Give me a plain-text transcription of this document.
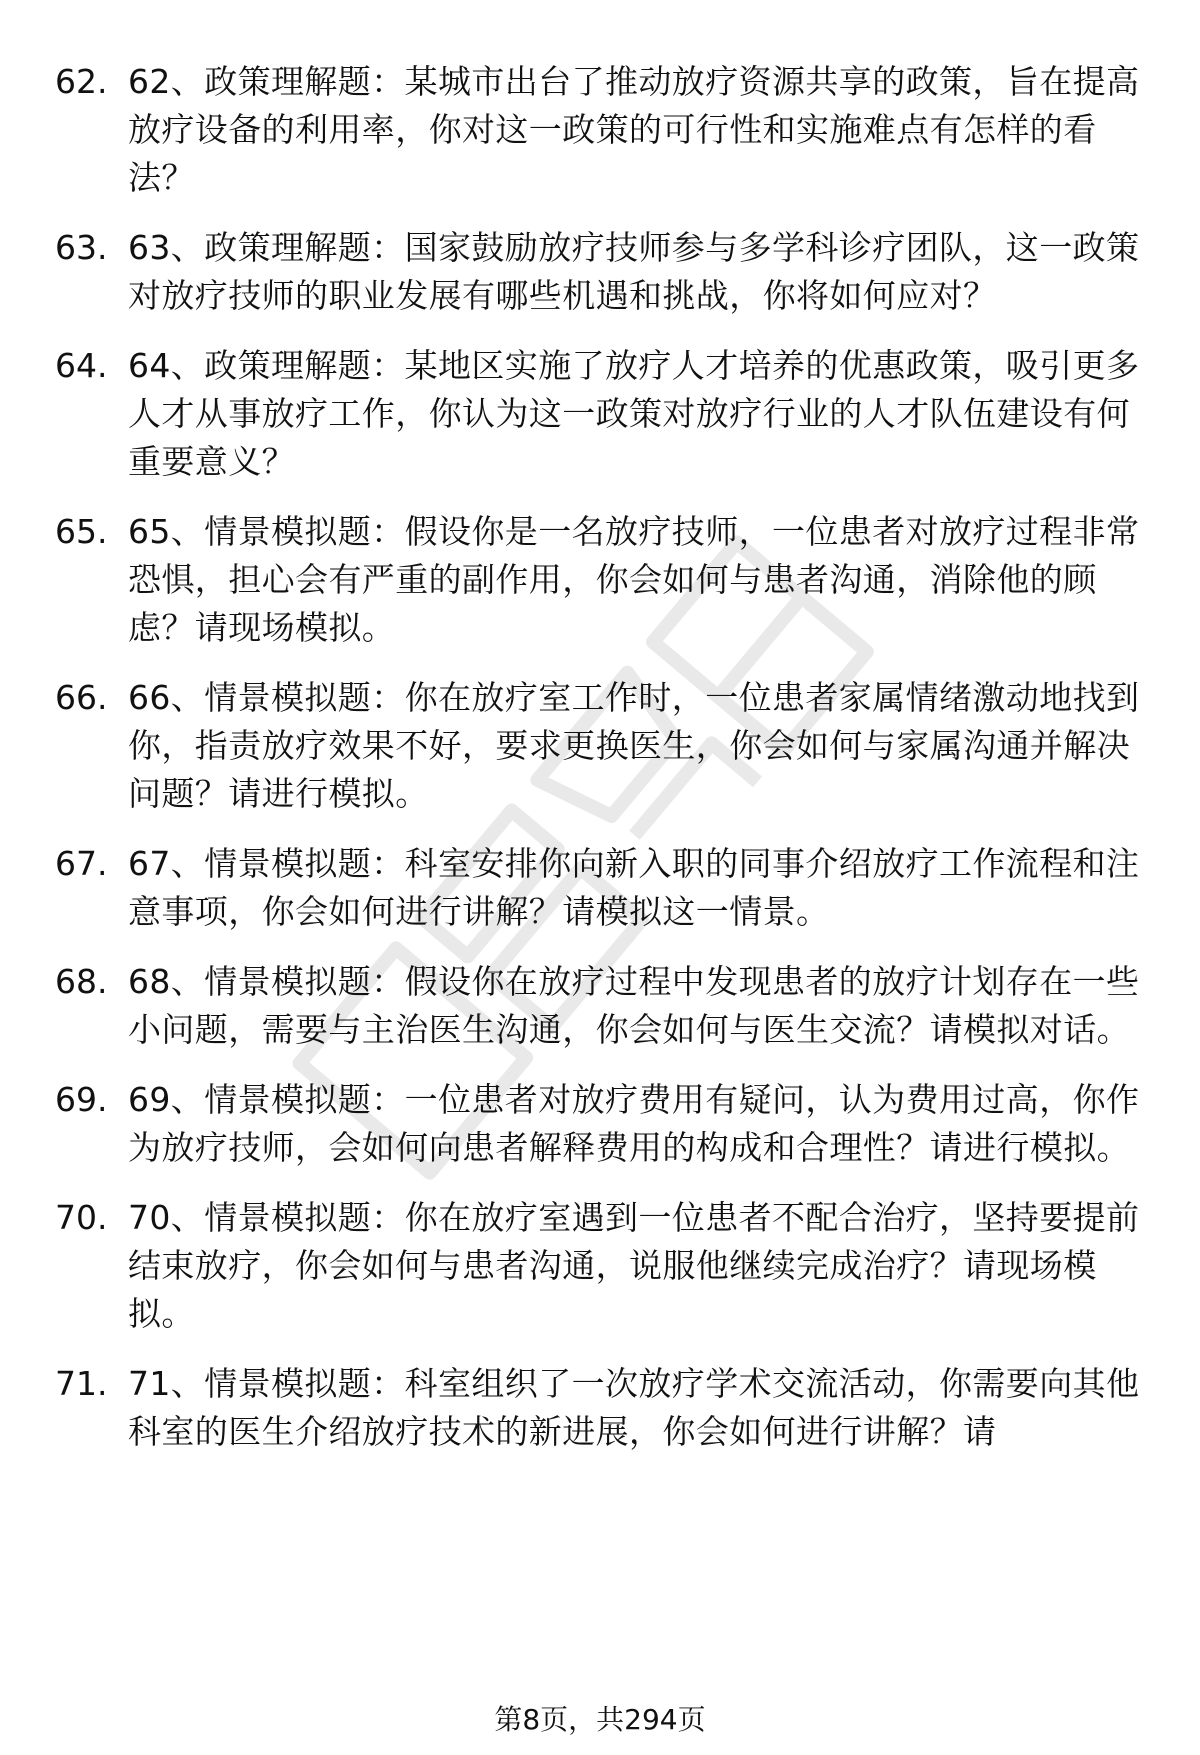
62. 62、政策理解题：某城市出台了推动放疗资源共享的政策，旨在提高放疗设备的利用率，你对这一政策的可行性和实施难点有怎样的看法？
63. 63、政策理解题：国家鼓励放疗技师参与多学科诊疗团队，这一政策对放疗技师的职业发展有哪些机遇和挑战，你将如何应对？
64. 64、政策理解题：某地区实施了放疗人才培养的优惠政策，吸引更多人才从事放疗工作，你认为这一政策对放疗行业的人才队伍建设有何重要意义？
65. 65、情景模拟题：假设你是一名放疗技师，一位患者对放疗过程非常恐惧，担心会有严重的副作用，你会如何与患者沟通，消除他的顾虑？请现场模拟。
66. 66、情景模拟题：你在放疗室工作时，一位患者家属情绪激动地找到你，指责放疗效果不好，要求更换医生，你会如何与家属沟通并解决问题？请进行模拟。
67. 67、情景模拟题：科室安排你向新入职的同事介绍放疗工作流程和注意事项，你会如何进行讲解？请模拟这一情景。
68. 68、情景模拟题：假设你在放疗过程中发现患者的放疗计划存在一些小问题，需要与主治医生沟通，你会如何与医生交流？请模拟对话。
69. 69、情景模拟题：一位患者对放疗费用有疑问，认为费用过高，你作为放疗技师，会如何向患者解释费用的构成和合理性？请进行模拟。
70. 70、情景模拟题：你在放疗室遇到一位患者不配合治疗，坚持要提前结束放疗，你会如何与患者沟通，说服他继续完成治疗？请现场模拟。
71. 71、情景模拟题：科室组织了一次放疗学术交流活动，你需要向其他科室的医生介绍放疗技术的新进展，你会如何进行讲解？请
第8页，共294页
